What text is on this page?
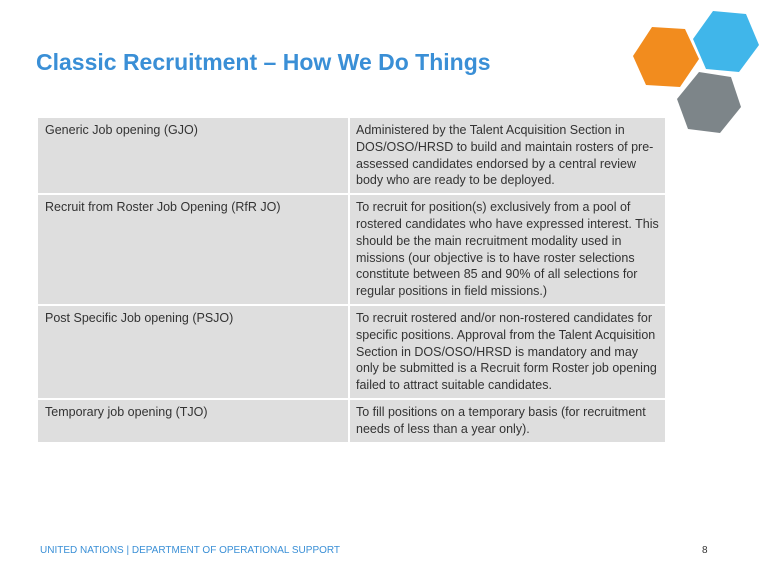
Classic Recruitment – How We Do Things
Generic Job opening (GJO)	Administered by the Talent Acquisition Section in DOS/OSO/HRSD to build and maintain rosters of pre-assessed candidates endorsed by a central review body who are ready to be deployed.
Recruit from Roster Job Opening (RfR JO)	To recruit for position(s) exclusively from a pool of rostered candidates who have expressed interest. This should be the main recruitment modality used in missions (our objective is to have roster selections constitute between 85 and 90% of all selections for regular positions in field missions.)
Post Specific Job opening (PSJO)	To recruit rostered and/or non-rostered candidates for specific positions. Approval from the Talent Acquisition Section in DOS/OSO/HRSD is mandatory and may only be submitted is a Recruit form Roster job opening failed to attract suitable candidates.
Temporary job opening (TJO)	To fill positions on a temporary basis (for recruitment needs of less than a year only).
UNITED NATIONS | DEPARTMENT OF OPERATIONAL SUPPORT	8
